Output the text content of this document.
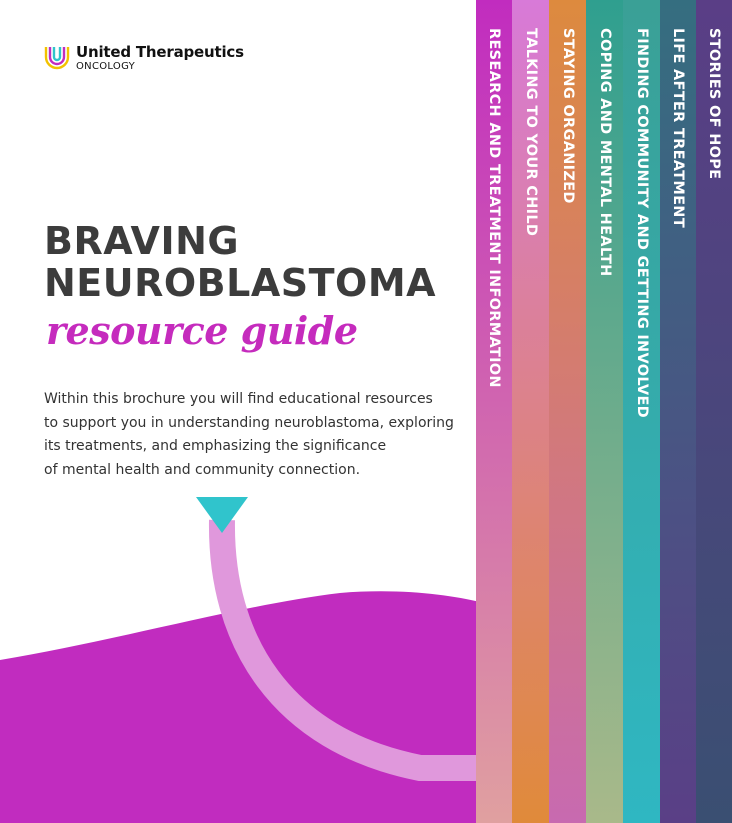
United Therapeutics
ONCOLOGY
BRAVING
NEUROBLASTOMA
resource guide
Within this brochure you will find educational resources
to support you in understanding neuroblastoma, exploring
its treatments, and emphasizing the significance
of mental health and community connection.
RESEARCH AND TREATMENT INFORMATION TALKING TO YOUR CHILD STAYING ORGANIZED COPING AND MENTAL HEALTH FINDING COMMUNITY AND GETTING INVOLVED LIFE AFTER TREATMENT STORIES OF HOPE
